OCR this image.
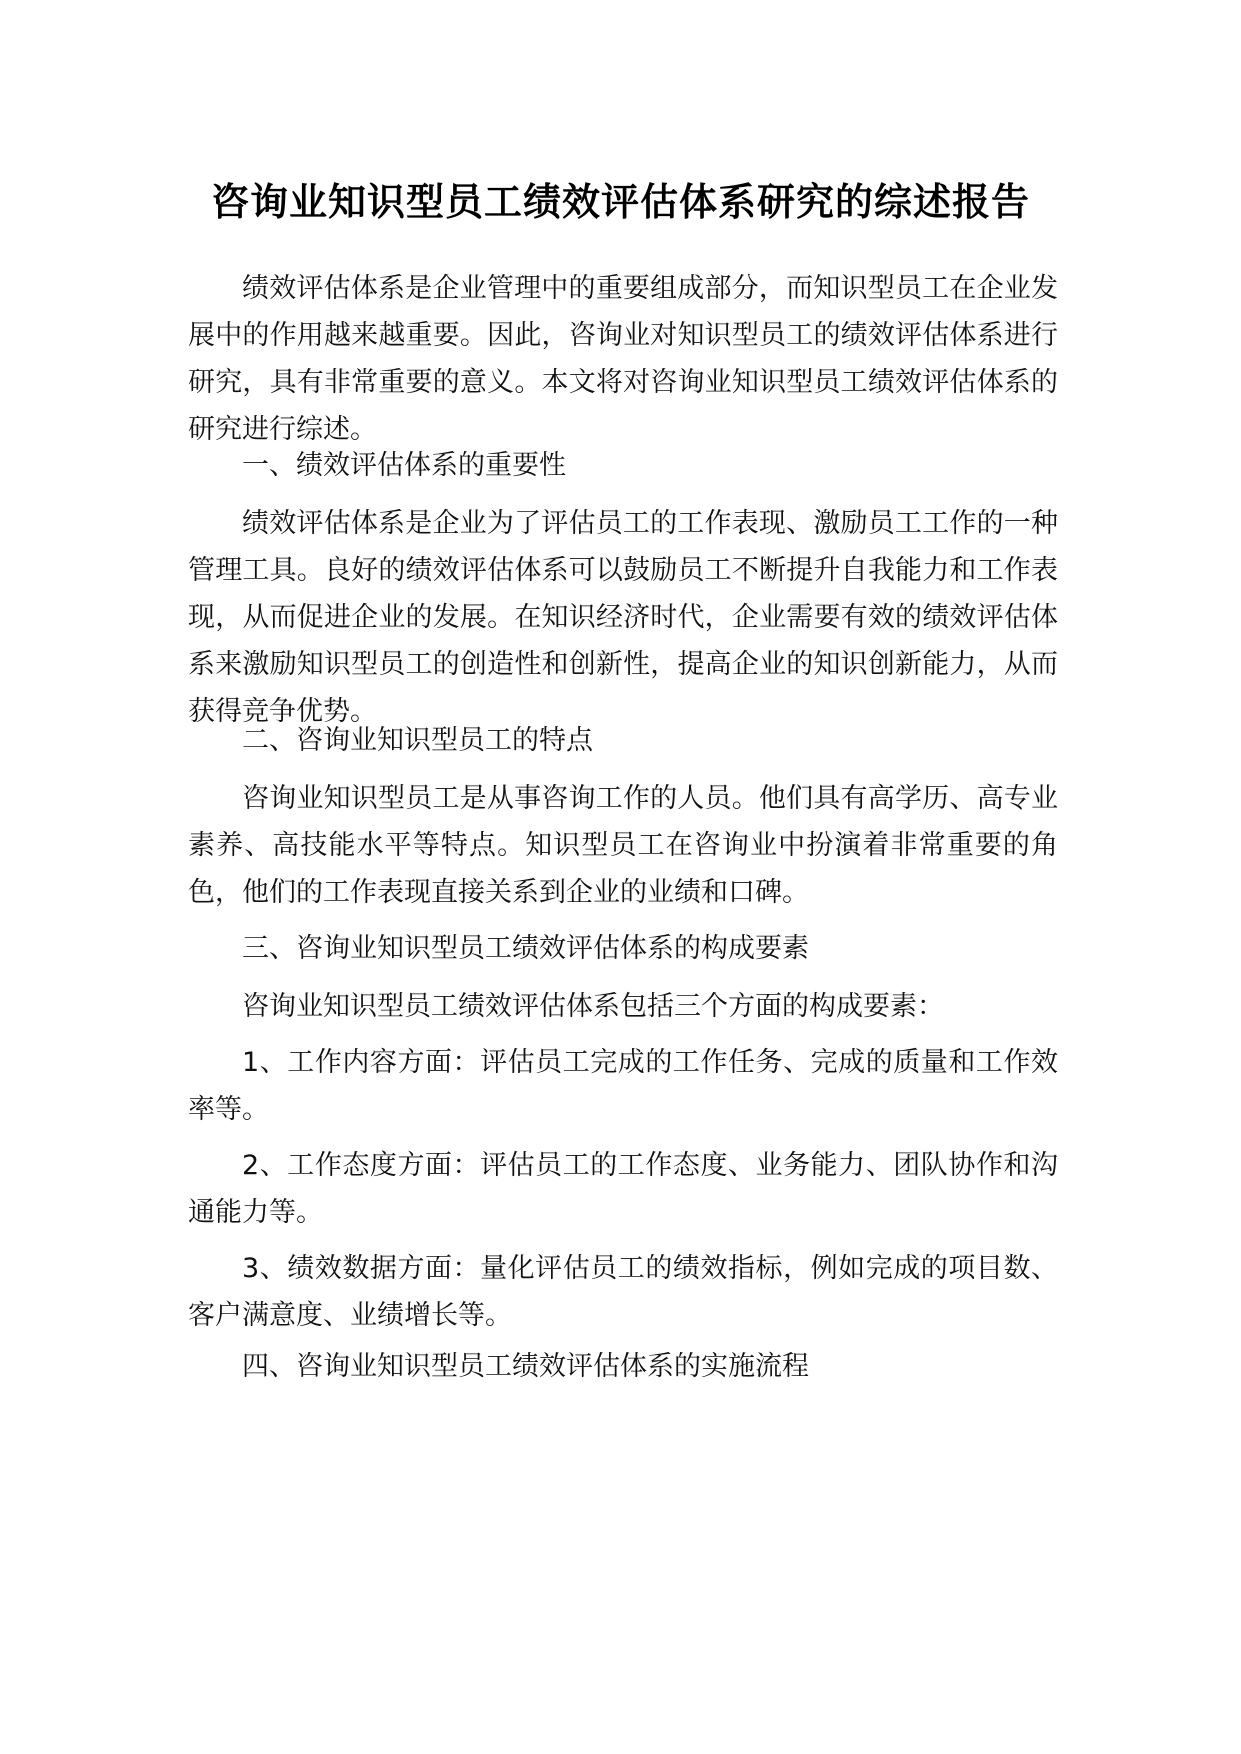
咨询业知识型员工绩效评估体系研究的综述报告

绩效评估体系是企业管理中的重要组成部分，而知识型员工在企业发展中的作用越来越重要。因此，咨询业对知识型员工的绩效评估体系进行研究，具有非常重要的意义。本文将对咨询业知识型员工绩效评估体系的研究进行综述。

一、绩效评估体系的重要性

绩效评估体系是企业为了评估员工的工作表现、激励员工工作的一种管理工具。良好的绩效评估体系可以鼓励员工不断提升自我能力和工作表现，从而促进企业的发展。在知识经济时代，企业需要有效的绩效评估体系来激励知识型员工的创造性和创新性，提高企业的知识创新能力，从而获得竞争优势。

二、咨询业知识型员工的特点

咨询业知识型员工是从事咨询工作的人员。他们具有高学历、高专业素养、高技能水平等特点。知识型员工在咨询业中扮演着非常重要的角色，他们的工作表现直接关系到企业的业绩和口碑。

三、咨询业知识型员工绩效评估体系的构成要素

咨询业知识型员工绩效评估体系包括三个方面的构成要素：

1、工作内容方面：评估员工完成的工作任务、完成的质量和工作效率等。

2、工作态度方面：评估员工的工作态度、业务能力、团队协作和沟通能力等。

3、绩效数据方面：量化评估员工的绩效指标，例如完成的项目数、客户满意度、业绩增长等。

四、咨询业知识型员工绩效评估体系的实施流程
